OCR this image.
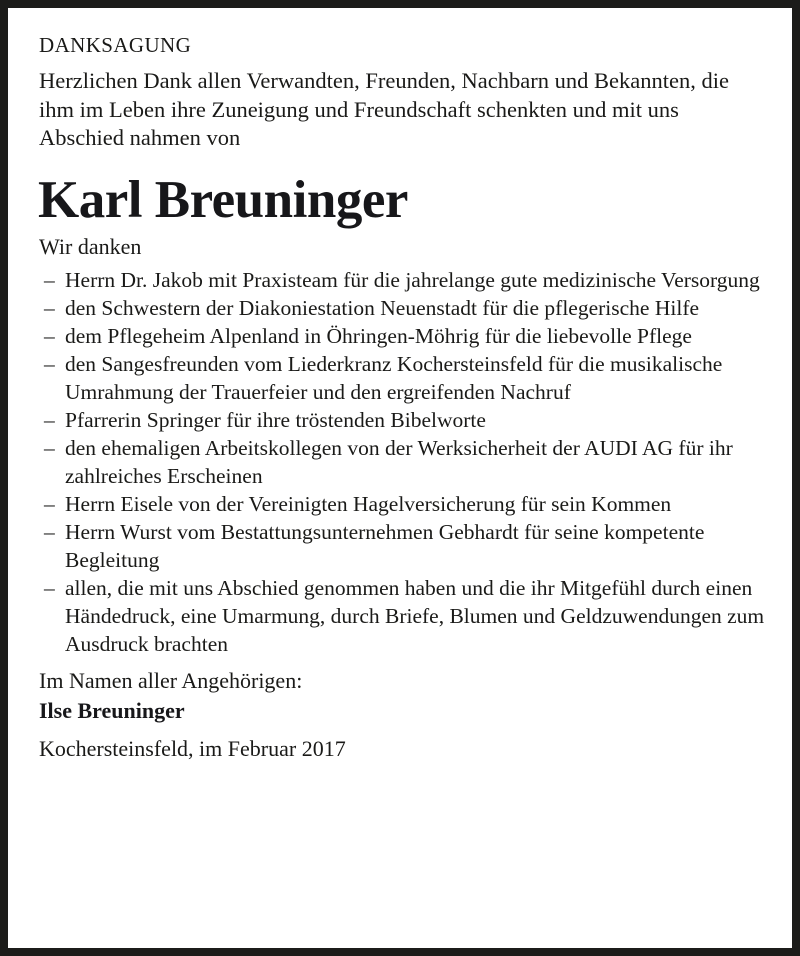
DANKSAGUNG

Herzlichen Dank allen Verwandten, Freunden, Nachbarn und Bekannten, die ihm im Leben ihre Zuneigung und Freundschaft schenkten und mit uns Abschied nahmen von

Karl Breuninger
Wir danken
– Herrn Dr. Jakob mit Praxisteam für die jahrelange gute medizinische Versorgung
– den Schwestern der Diakoniestation Neuenstadt für die pflegerische Hilfe
– dem Pflegeheim Alpenland in Öhringen-Möhrig für die liebevolle Pflege
– den Sangesfreunden vom Liederkranz Kochersteinsfeld für die musikalische Umrahmung der Trauerfeier und den ergreifenden Nachruf
– Pfarrerin Springer für ihre tröstenden Bibelworte
– den ehemaligen Arbeitskollegen von der Werksicherheit der AUDI AG für ihr zahlreiches Erscheinen
– Herrn Eisele von der Vereinigten Hagelversicherung für sein Kommen
– Herrn Wurst vom Bestattungsunternehmen Gebhardt für seine kompetente Begleitung
– allen, die mit uns Abschied genommen haben und die ihr Mitgefühl durch einen Händedruck, eine Umarmung, durch Briefe, Blumen und Geldzuwendungen zum Ausdruck brachten
Im Namen aller Angehörigen:
Ilse Breuninger
Kochersteinsfeld, im Februar 2017
